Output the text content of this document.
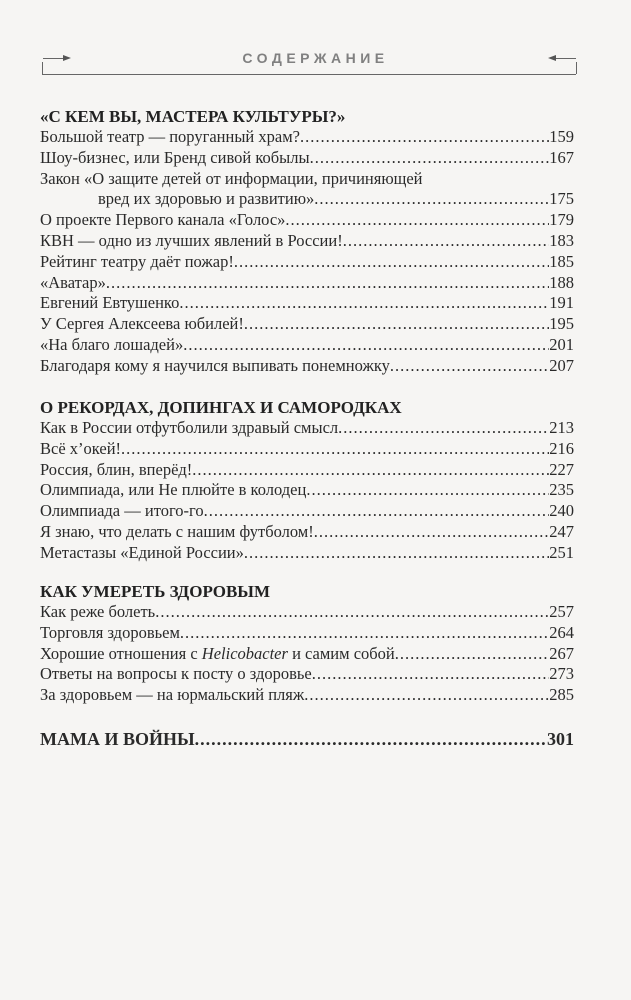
СОДЕРЖАНИЕ
«С КЕМ ВЫ, МАСТЕРА КУЛЬТУРЫ?»
Большой театр — поруганный храм? .....	159
Шоу-бизнес, или Бренд сивой кобылы .....	167
Закон «О защите детей от информации, причиняющей
вред их здоровью и развитию» .....	175
О проекте Первого канала «Голос» .....	179
КВН — одно из лучших явлений в России! .....	183
Рейтинг театру даёт пожар! .....	185
«Аватар» .....	188
Евгений Евтушенко .....	191
У Сергея Алексеева юбилей! .....	195
«На благо лошадей» .....	201
Благодаря кому я научился выпивать понемножку .....	207
О РЕКОРДАХ, ДОПИНГАХ И САМОРОДКАХ
Как в России отфутболили здравый смысл .....	213
Всё х’окей! .....	216
Россия, блин, вперёд! .....	227
Олимпиада, или Не плюйте в колодец .....	235
Олимпиада — итого-го .....	240
Я знаю, что делать с нашим футболом! .....	247
Метастазы «Единой России» .....	251
КАК УМЕРЕТЬ ЗДОРОВЫМ
Как реже болеть .....	257
Торговля здоровьем .....	264
Хорошие отношения с Helicobacter и самим собой .....	267
Ответы на вопросы к посту о здоровье .....	273
За здоровьем — на юрмальский пляж .....	285
МАМА И ВОЙНЫ .....	301
